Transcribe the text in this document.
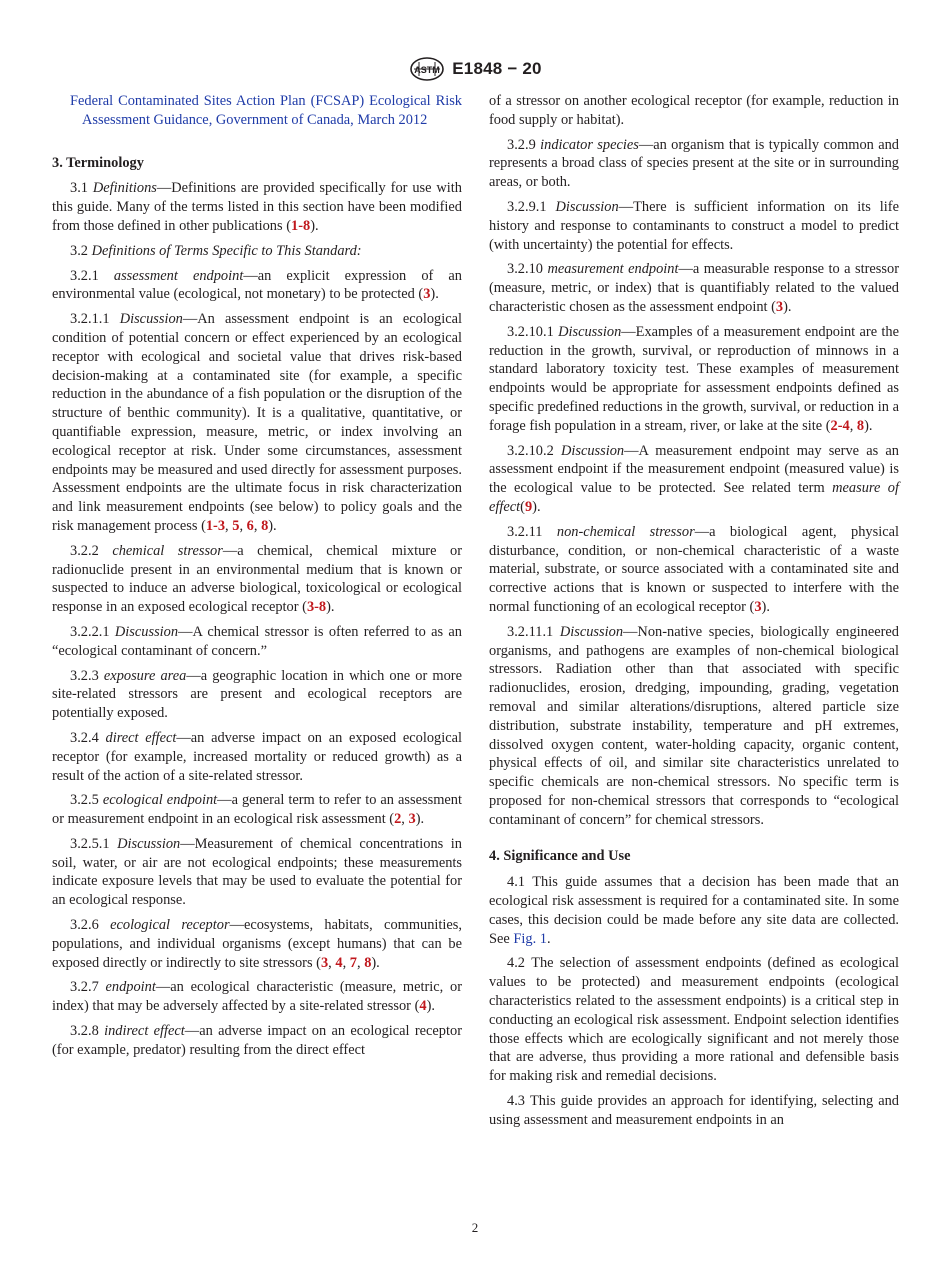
ASTM E1848 − 20

Federal Contaminated Sites Action Plan (FCSAP) Ecological Risk Assessment Guidance, Government of Canada, March 2012

3. Terminology

3.1 Definitions—Definitions are provided specifically for use with this guide. Many of the terms listed in this section have been modified from those defined in other publications (1-8).

3.2 Definitions of Terms Specific to This Standard:

3.2.1 assessment endpoint—an explicit expression of an environmental value (ecological, not monetary) to be protected (3).

3.2.1.1 Discussion—An assessment endpoint is an ecological condition of potential concern or effect experienced by an ecological receptor with ecological and societal value that drives risk-based decision-making at a contaminated site (for example, a specific reduction in the abundance of a fish population or the disruption of the structure of benthic community). It is a qualitative, quantitative, or quantifiable expression, measure, metric, or index involving an ecological receptor at risk. Under some circumstances, assessment endpoints may be measured and used directly for assessment purposes. Assessment endpoints are the ultimate focus in risk characterization and link measurement endpoints (see below) to policy goals and the risk management process (1-3, 5, 6, 8).

3.2.2 chemical stressor—a chemical, chemical mixture or radionuclide present in an environmental medium that is known or suspected to induce an adverse biological, toxicological or ecological response in an exposed ecological receptor (3-8).

3.2.2.1 Discussion—A chemical stressor is often referred to as an “ecological contaminant of concern.”

3.2.3 exposure area—a geographic location in which one or more site-related stressors are present and ecological receptors are potentially exposed.

3.2.4 direct effect—an adverse impact on an exposed ecological receptor (for example, increased mortality or reduced growth) as a result of the action of a site-related stressor.

3.2.5 ecological endpoint—a general term to refer to an assessment or measurement endpoint in an ecological risk assessment (2, 3).

3.2.5.1 Discussion—Measurement of chemical concentrations in soil, water, or air are not ecological endpoints; these measurements indicate exposure levels that may be used to evaluate the potential for an ecological response.

3.2.6 ecological receptor—ecosystems, habitats, communities, populations, and individual organisms (except humans) that can be exposed directly or indirectly to site stressors (3, 4, 7, 8).

3.2.7 endpoint—an ecological characteristic (measure, metric, or index) that may be adversely affected by a site-related stressor (4).

3.2.8 indirect effect—an adverse impact on an ecological receptor (for example, predator) resulting from the direct effect

of a stressor on another ecological receptor (for example, reduction in food supply or habitat).

3.2.9 indicator species—an organism that is typically common and represents a broad class of species present at the site or in surrounding areas, or both.

3.2.9.1 Discussion—There is sufficient information on its life history and response to contaminants to construct a model to predict (with uncertainty) the potential for effects.

3.2.10 measurement endpoint—a measurable response to a stressor (measure, metric, or index) that is quantifiably related to the valued characteristic chosen as the assessment endpoint (3).

3.2.10.1 Discussion—Examples of a measurement endpoint are the reduction in the growth, survival, or reproduction of minnows in a standard laboratory toxicity test. These examples of measurement endpoints would be appropriate for assessment endpoints defined as specific predefined reductions in the growth, survival, or reduction in a forage fish population in a stream, river, or lake at the site (2-4, 8).

3.2.10.2 Discussion—A measurement endpoint may serve as an assessment endpoint if the measurement endpoint (measured value) is the ecological value to be protected. See related term measure of effect(9).

3.2.11 non-chemical stressor—a biological agent, physical disturbance, condition, or non-chemical characteristic of a waste material, substrate, or source associated with a contaminated site and corrective actions that is known or suspected to interfere with the normal functioning of an ecological receptor (3).

3.2.11.1 Discussion—Non-native species, biologically engineered organisms, and pathogens are examples of non-chemical biological stressors. Radiation other than that associated with specific radionuclides, erosion, dredging, impounding, grading, vegetation removal and similar alterations/disruptions, altered particle size distribution, substrate instability, temperature and pH extremes, dissolved oxygen content, water-holding capacity, organic content, physical effects of oil, and similar site characteristics unrelated to specific chemicals are non-chemical stressors. No specific term is proposed for non-chemical stressors that corresponds to “ecological contaminant of concern” for chemical stressors.

4. Significance and Use

4.1 This guide assumes that a decision has been made that an ecological risk assessment is required for a contaminated site. In some cases, this decision could be made before any site data are collected. See Fig. 1.

4.2 The selection of assessment endpoints (defined as ecological values to be protected) and measurement endpoints (ecological characteristics related to the assessment endpoints) is a critical step in conducting an ecological risk assessment. Endpoint selection identifies those effects which are ecologically significant and not merely those that are adverse, thus providing a more rational and defensible basis for making risk and remedial decisions.

4.3 This guide provides an approach for identifying, selecting and using assessment and measurement endpoints in an

2
